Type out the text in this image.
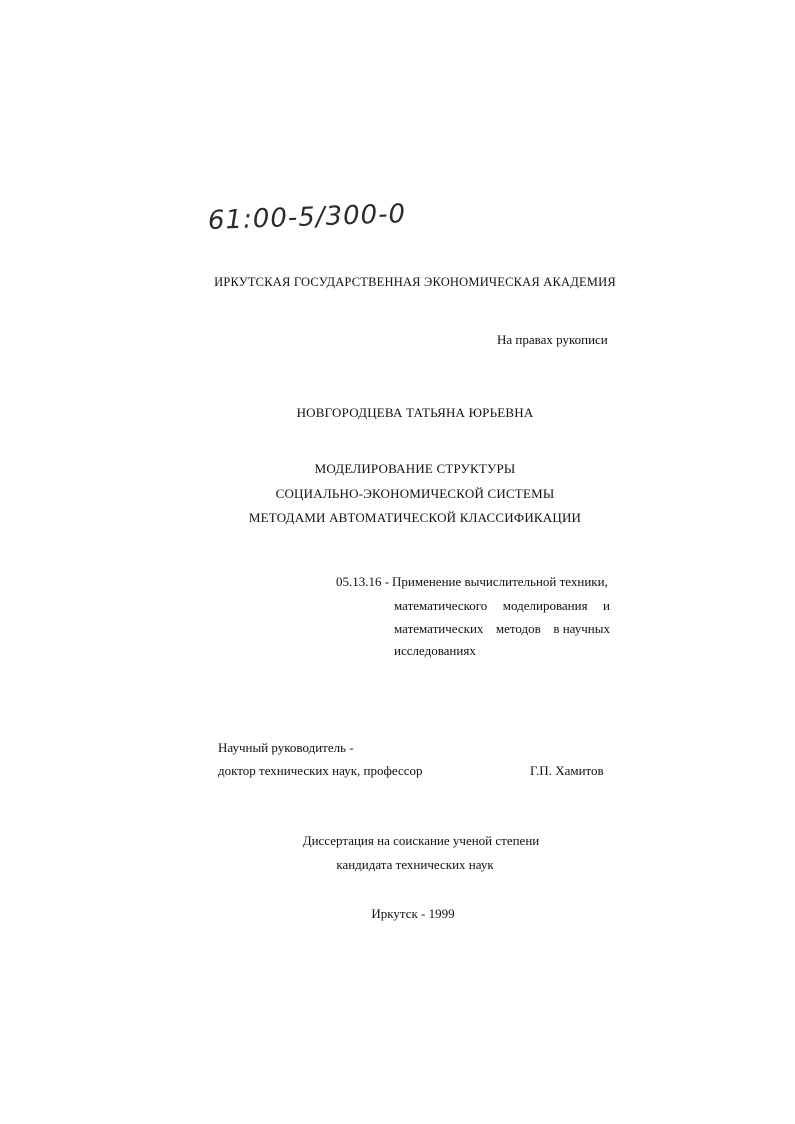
61:00-5/300-0
ИРКУТСКАЯ ГОСУДАРСТВЕННАЯ ЭКОНОМИЧЕСКАЯ АКАДЕМИЯ
На правах рукописи
НОВГОРОДЦЕВА ТАТЬЯНА ЮРЬЕВНА
МОДЕЛИРОВАНИЕ СТРУКТУРЫ
СОЦИАЛЬНО-ЭКОНОМИЧЕСКОЙ СИСТЕМЫ
МЕТОДАМИ АВТОМАТИЧЕСКОЙ КЛАССИФИКАЦИИ
05.13.16 - Применение вычислительной техники,
математического моделирования и
математических методов в научных
исследованиях
Научный руководитель -
доктор технических наук, профессор	Г.П. Хамитов
Диссертация на соискание ученой степени
кандидата технических наук
Иркутск - 1999
